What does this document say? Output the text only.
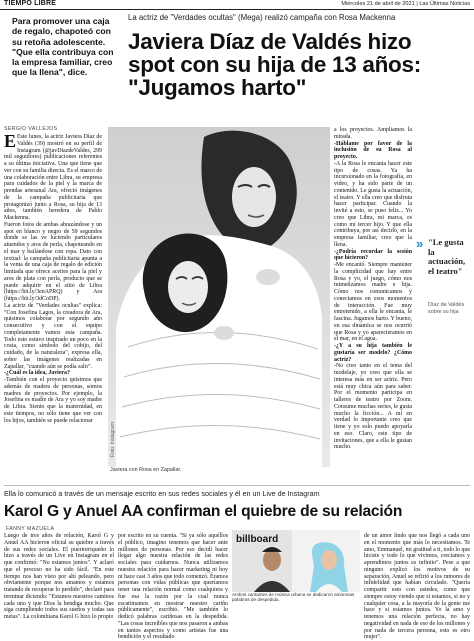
TIEMPO LIBRE	Miércoles 21 de abril de 2021 | Las Últimas Noticias
Para promover una caja de regalo, chapoteó con su retoña adolescente. "Que ella contribuya con la empresa familiar, creo que la llena", dice.
La actriz de "Verdades ocultas" (Mega) realizó campaña con Rosa Mackenna
Javiera Díaz de Valdés hizo
spot con su hija de 13 años:
"Jugamos harto"
SERGIO VALLEJOS

E Este lunes, la actriz Javiera Díaz de Valdés (39) mostró en su perfil de Instagram (@javDiazdeValdes, 299 mil seguidores) publicaciones referentes a su última iniciativa. Una que tiene que ver con su familia directa. Es el marco de una colaboración entre Libra, su empresa para cuidados de la piel y la marca de prendas artesanal Ara, ofreció imágenes de la campaña publicitaria que protagonizó junto a Rosa, su hija de 13 años, también heredera de Pablo Mackenna.

Fueron fotos de ambas abrazándose y un spot en blanco y negro de 59 segundos donde se las ve luciendo particulares atuendos y aros de perla, chapoteando en el mar y bailándose con ropa. Dato con textual: la campaña publicitaria apunta a la venta de una caja de regalo de edición limitada que ofrece aceites para la piel y aros de plata con perla, producto que se puede adquirir en el sitio de Libra (https://bit.ly/3enAPRQ) y Ara (https://bit.ly/3dCoDP).

La actriz de "Verdades ocultas" explica: "Con Josefina Lagos, la creadora de Ara, quisimos colaborar por segundo año consecutivo y con el equipo completamente vamos esta campaña. Todo esto estuvo inspirado un poco en la costa, como símbolo del cobijo, del cuidado, de la naturaleza", expresa ella, sobre las imágenes realizadas en Zapallar, "cuando aún se podía salir".

-¿Cuál es la idea, Javiera?

-También con el proyecto quisimos que además de madres de personas, somos madres de proyectos. Por ejemplo, la Josefina es madre de Ara y yo soy madre de Libra. Siento que la maternidad, en este tiempos, no sólo tiene que ver con los hijos, también se puede relacionar

Foto: Instagram
Javiera con Rosa en Zapallar.

a los proyectos. Ampliamos la mirada.

-Háblame por favor de la inclusión de su Rosa al proyecto.

-A la Rosa le encanta hacer este tipo de cosas. Ya ha incursionado en la fotografía, en video, y ha sido parte de un contenido. Le gusta la actuación, el teatro. Y ella creo que disfruta hacer participar. Cuando la invité a esto, se puso feliz... Yo creo que Libra, mi marca, es como mi tercer hijo. Y que ella contribuya, por así decirlo, en la empresa familiar, creo que la llena.

-¿Podría recordar la sesión que hicieron?

-Me encantó. Siempre mantener la complicidad que hay entre Rosa y yo, el juego, cómo nos mimetizamos madre e hija. Cómo nos comunicamos y conectamos en esos momentos de interacción. Fue muy entretenido, a ella le encanta, le fascina. Jugamos harto. Y bueno, en esa dinámica se nos ocurrió que Rosa y yo aparecieramos en el mar, en el agua.

-¿Y a su hija también le gustaría ser modelo? ¿Cómo actriz?

-No creo tanto en el tema del modelaje, yo creo que ella se interesa más en ser actriz. Pero está muy chica aún para saber. Por el momento participa en talleres de teatro por Zoom. Consume muchas series, le gusta mucho la ficción... A mí en verdad lo importante creo que tiene y yo solo puedo apoyarla en eso. Claro, este tipo de invitaciones, que a ella le gustan mucho.

» "Le gusta la actuación, el teatro"
Díaz de Valdés sobre su hija
Ella lo comunicó a través de un mensaje escrito en sus redes sociales y él en un Live de Instagram
Karol G y Anuel AA confirman el quiebre de su relación
FANNY MAZUELA

Luego de tres años de relación, Karol G y Anuel AA hicieron oficial su quiebre a través de sus redes sociales. El puertorriqueño lo hizo a través de un Live en Instagram en el que confirmó: "No estamos juntos". Y aclaró que el proceso no ha sido fácil. "En este tiempo nos han visto por ahí peleando, pero obviamente porque nos amamos y estamos tratando de recuperar lo perdido", declaró para terminar diciendo: "Estamos nuestros caminos cada uno y que Dios la bendiga mucho. Que siga cumpliendo todos sus sueños y todas sus metas". La colombiana Karol G hizo lo propio

por escrito en su cuenta. "Si ya sólo aquéllos el público, imagino tenemos que hacer ante millones de personas. Por eso decidí hacer llegar algo nuestra relación de las redes sociales para cuidarnos. Nunca utilizamos nuestra relación para hacer marketing ni hoy ni hace casi 3 años que todo comenzó. Éramos personas con vidas públicas que queríamos tener una relación normal como cualquiera y fue esa la razón por la cual nunca escatimamos en mostrar nuestro cariño públicamente", escribió. "Me también lo dedicó palabras cariñosas en la despedida. "Las cosas increíbles que nos pasaron a ambas en tantos aspectos y como artistas fue una bendición y el resultado

billboard
Ambos cantantes de música urbana se dedicaron amorosas palabras de despedida.

de un amor lindo que nos llegó a cada uno en el momento que más lo necesitamos. Te amo, Emmanuel, mi gratitud a ti, todo lo que hiciste y todo lo que vivimos, creciamos y aprendimos juntos es infinito". Pese a que ninguno explicó los motivos de su separación, Anuel se refirió a los rumores de infidelidad que habían circulado. "Quería compartir esto con ustedes, como que siempre estoy viendo que si estamos, si no y cualquier cosa, a la mayoría de la gente me hace y si estamos juntos. Yo la amo y tenemos una relación perfecta, no hay negatividad en nada de eso de los millones y por nada de tercera persona, esto es otro mujer".
